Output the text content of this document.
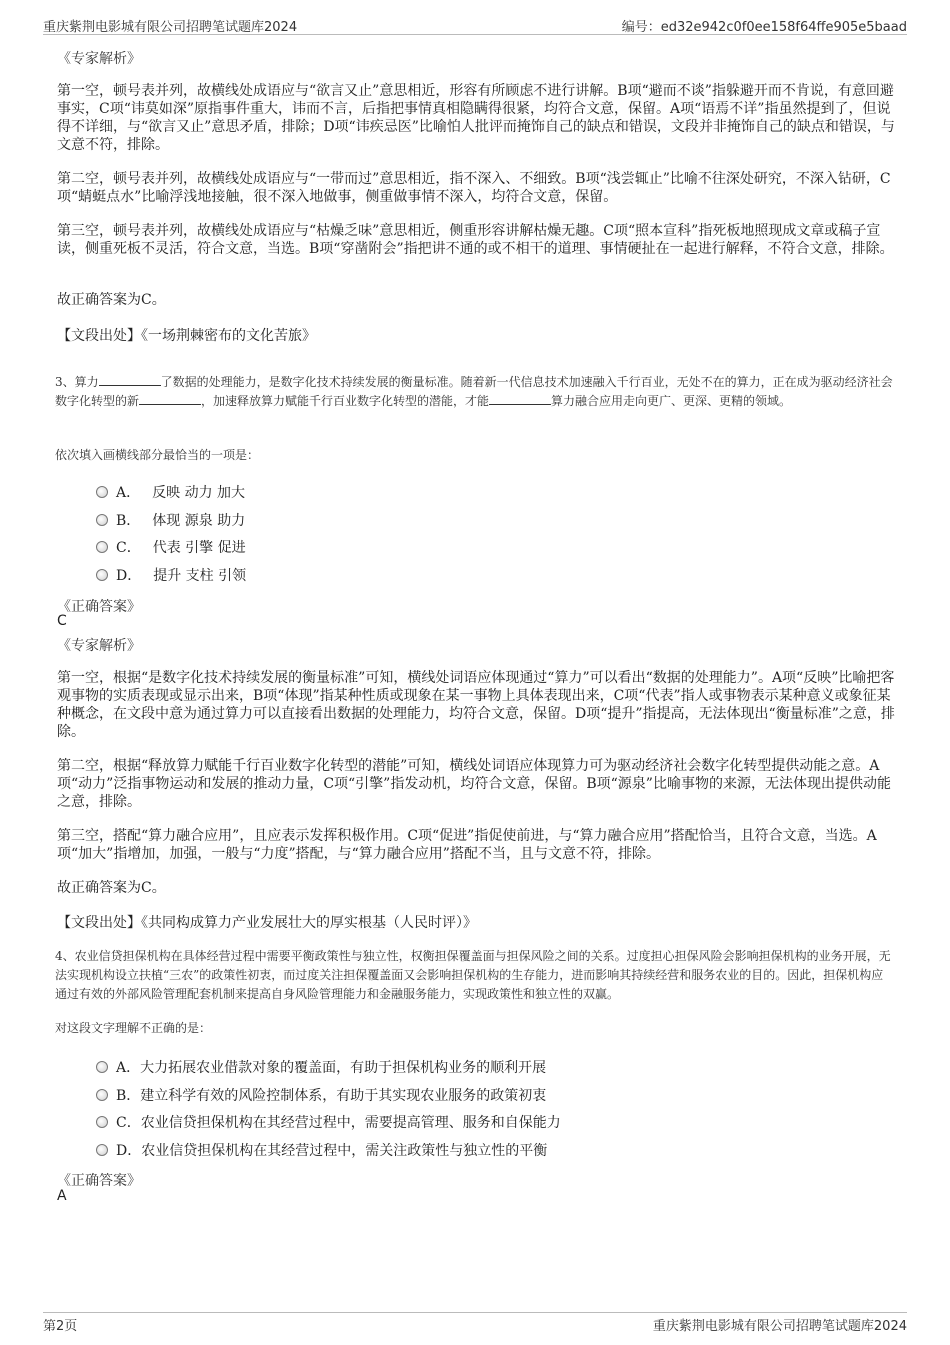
重庆紫荆电影城有限公司招聘笔试题库2024	编号：ed32e942c0f0ee158f64ffe905e5baad
《专家解析》
第一空，顿号表并列，故横线处成语应与“欲言又止”意思相近，形容有所顾虑不进行讲解。B项“避而不谈”指躲避开而不肯说，有意回避事实，C项“讳莫如深”原指事件重大，讳而不言，后指把事情真相隐瞒得很紧，均符合文意，保留。A项“语焉不详”指虽然提到了，但说得不详细，与“欲言又止”意思矛盾，排除；D项“讳疾忌医”比喻怕人批评而掩饰自己的缺点和错误，文段并非掩饰自己的缺点和错误，与文意不符，排除。
第二空，顿号表并列，故横线处成语应与“一带而过”意思相近，指不深入、不细致。B项“浅尝辄止”比喻不往深处研究，不深入钻研，C项“蜻蜓点水”比喻浮浅地接触，很不深入地做事，侧重做事情不深入，均符合文意，保留。
第三空，顿号表并列，故横线处成语应与“枯燥乏味”意思相近，侧重形容讲解枯燥无趣。C项“照本宣科”指死板地照现成文章或稿子宣读，侧重死板不灵活，符合文意，当选。B项“穿凿附会”指把讲不通的或不相干的道理、事情硬扯在一起进行解释，不符合文意，排除。
故正确答案为C。
【文段出处】《一场荆棘密布的文化苦旅》
3、算力	了数据的处理能力，是数字化技术持续发展的衡量标准。随着新一代信息技术加速融入千行百业，无处不在的算力，正在成为驱动经济社会数字化转型的新	，加速释放算力赋能千行百业数字化转型的潜能，才能	算力融合应用走向更广、更深、更精的领域。
依次填入画横线部分最恰当的一项是：
A． 反映 动力 加大
B． 体现 源泉 助力
C． 代表 引擎 促进
D． 提升 支柱 引领
《正确答案》
C
《专家解析》
第一空，根据“是数字化技术持续发展的衡量标准”可知，横线处词语应体现通过“算力”可以看出“数据的处理能力”。A项“反映”比喻把客观事物的实质表现或显示出来，B项“体现”指某种性质或现象在某一事物上具体表现出来，C项“代表”指人或事物表示某种意义或象征某种概念，在文段中意为通过算力可以直接看出数据的处理能力，均符合文意，保留。D项“提升”指提高，无法体现出“衡量标准”之意，排除。
第二空，根据“释放算力赋能千行百业数字化转型的潜能”可知，横线处词语应体现算力可为驱动经济社会数字化转型提供动能之意。A项“动力”泛指事物运动和发展的推动力量，C项“引擎”指发动机，均符合文意，保留。B项“源泉”比喻事物的来源，无法体现出提供动能之意，排除。
第三空，搭配“算力融合应用”，且应表示发挥积极作用。C项“促进”指促使前进，与“算力融合应用”搭配恰当，且符合文意，当选。A项“加大”指增加，加强，一般与“力度”搭配，与“算力融合应用”搭配不当，且与文意不符，排除。
故正确答案为C。
【文段出处】《共同构成算力产业发展壮大的厚实根基（人民时评）》
4、农业信贷担保机构在具体经营过程中需要平衡政策性与独立性，权衡担保覆盖面与担保风险之间的关系。过度担心担保风险会影响担保机构的业务开展，无法实现机构设立扶植“三农”的政策性初衷，而过度关注担保覆盖面又会影响担保机构的生存能力，进而影响其持续经营和服务农业的目的。因此，担保机构应通过有效的外部风险管理配套机制来提高自身风险管理能力和金融服务能力，实现政策性和独立性的双赢。
对这段文字理解不正确的是：
A．大力拓展农业借款对象的覆盖面，有助于担保机构业务的顺利开展
B．建立科学有效的风险控制体系，有助于其实现农业服务的政策初衷
C．农业信贷担保机构在其经营过程中，需要提高管理、服务和自保能力
D．农业信贷担保机构在其经营过程中，需关注政策性与独立性的平衡
《正确答案》
A
第2页	重庆紫荆电影城有限公司招聘笔试题库2024
